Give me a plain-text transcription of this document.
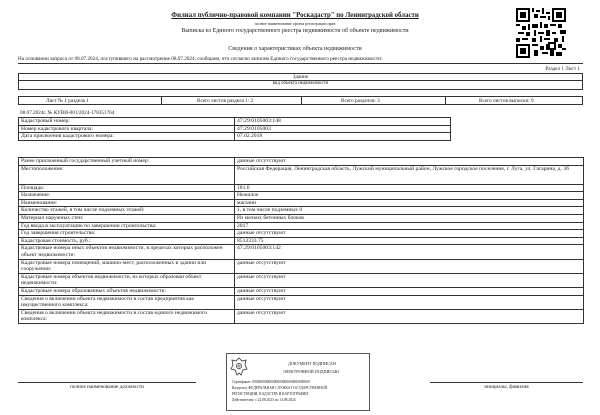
Филиал публично-правовой компании "Роскадастр" по Ленинградской области
полное наименование органа регистрации прав
Выписка из Единого государственного реестра недвижимости об объекте недвижимости
Сведения о характеристиках объекта недвижимости
На основании запроса от 08.07.2024, поступившего на рассмотрение 08.07.2024, сообщаем, что согласно записям Единого государственного реестра недвижимости:
Раздел 1 Лист 1
Здание
вид объекта недвижимости
Лист № 1 раздела 1	Всего листов раздела 1: 2	Всего разделов: 3	Всего листов выписки: 9
08.07.2024г. № КУВИ-001/2024-178351764
Кадастровый номер:	47:29:0105003:148
Номер кадастрового квартала:	47:29:0105003
Дата присвоения кадастрового номера:	07.02.2018
Ранее присвоенный государственный учетный номер:	данные отсутствуют
Местоположение:	Российская Федерация, Ленинградская область, Лужский муниципальный район, Лужское городское поселение, г. Луга, ул. Гагарина, д. 3б
Площадь:	181.6
Назначение:	Нежилое
Наименование:	магазин
Количество этажей, в том числе подземных этажей:	1, в том числе подземных 0
Материал наружных стен:	Из мелких бетонных блоков
Год ввода в эксплуатацию по завершении строительства:	2017
Год завершения строительства:	данные отсутствуют
Кадастровая стоимость, руб.:	8513333.75
Кадастровые номера иных объектов недвижимости, в пределах которых расположен объект недвижимости:	47:29:0105003:142
Кадастровые номера помещений, машино-мест, расположенных в здании или сооружении:	данные отсутствуют
Кадастровые номера объектов недвижимости, из которых образован объект недвижимости:	данные отсутствуют
Кадастровые номера образованных объектов недвижимости:	данные отсутствуют
Сведения о включении объекта недвижимости в состав предприятия как имущественного комплекса:	данные отсутствуют
Сведения о включении объекта недвижимости в состав единого недвижимого комплекса:	данные отсутствуют
ДОКУМЕНТ ПОДПИСАН
ЭЛЕКТРОННОЙ ПОДПИСЬЮ
Сертификат: 00000000000000000000000000000000
Владелец: ФЕДЕРАЛЬНАЯ СЛУЖБА ГОСУДАРСТВЕННОЙ
РЕГИСТРАЦИИ, КАДАСТРА И КАРТОГРАФИИ
Действителен: с 22.08.2023 по 14.08.2024
полное наименование должности	инициалы, фамилия
